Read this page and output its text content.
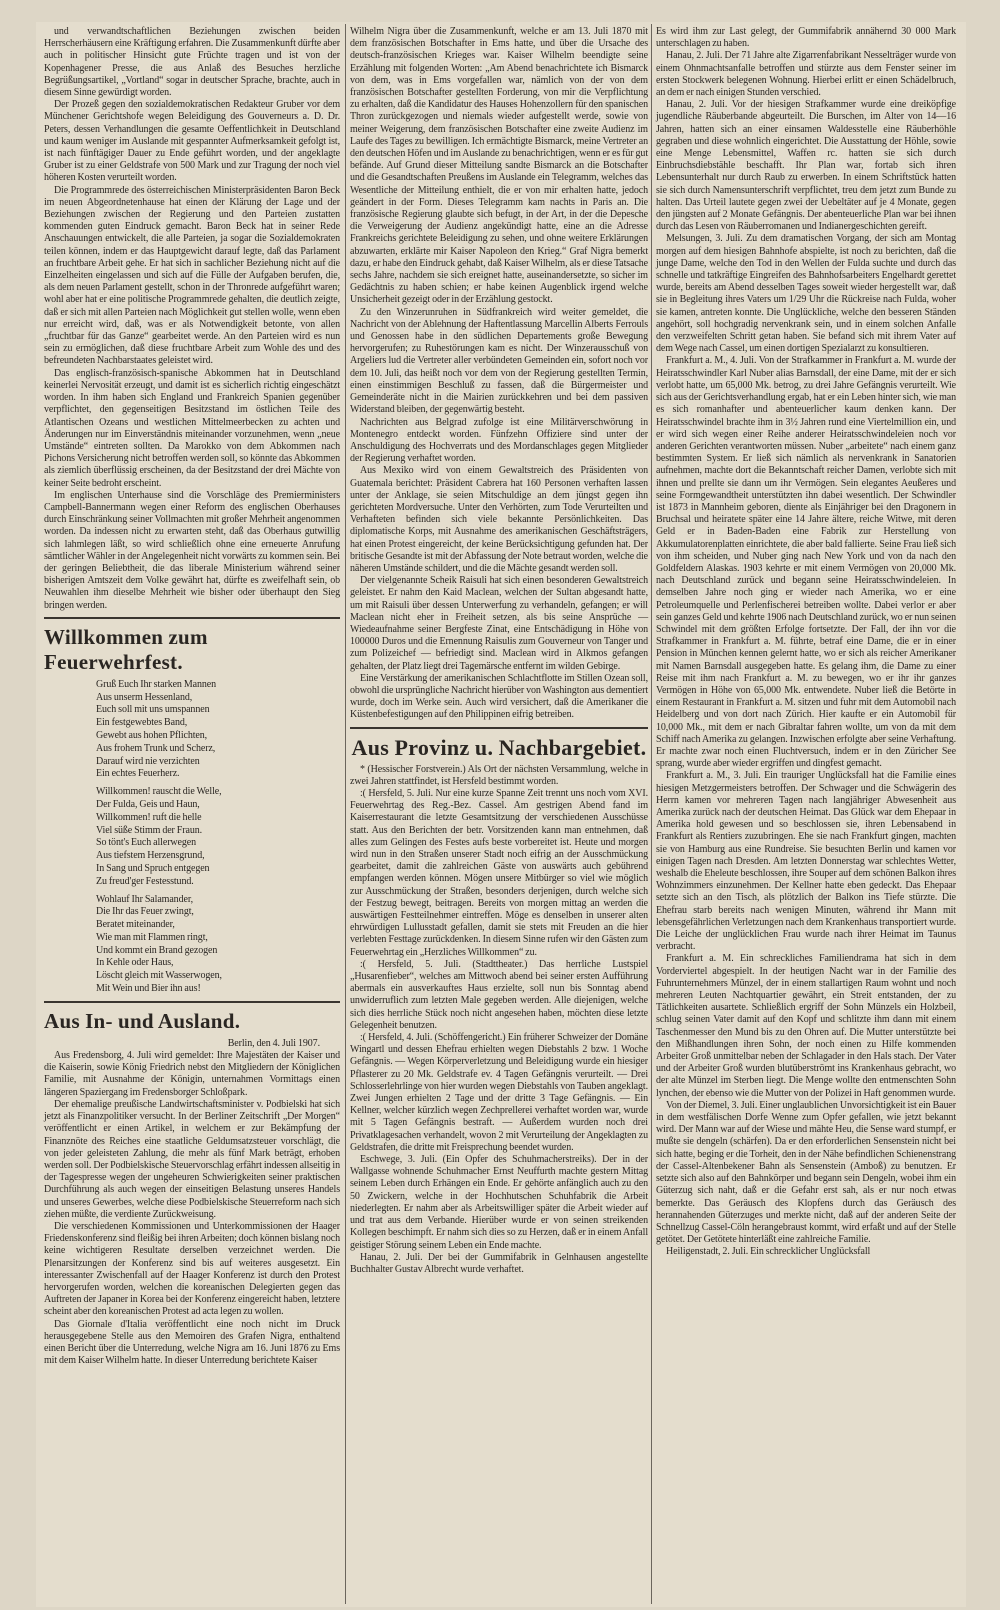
und verwandtschaftlichen Beziehungen zwischen beiden Herrscherhäusern eine Kräftigung erfahren. Die Zusammenkunft dürfte aber auch in politischer Hinsicht gute Früchte tragen und ist von der Kopenhagener Presse, die aus Anlaß des Besuches herzliche Begrüßungsartikel, „Vortland“ sogar in deutscher Sprache, brachte, auch in diesem Sinne gewürdigt worden.

Der Prozeß gegen den sozialdemokratischen Redakteur Gruber vor dem Münchener Gerichtshofe wegen Beleidigung des Gouverneurs a. D. Dr. Peters, dessen Verhandlungen die gesamte Oeffentlichkeit in Deutschland und kaum weniger im Auslande mit gespannter Aufmerksamkeit gefolgt ist, ist nach fünftägiger Dauer zu Ende geführt worden, und der angeklagte Gruber ist zu einer Geldstrafe von 500 Mark und zur Tragung der noch viel höheren Kosten verurteilt worden.

Die Programmrede des österreichischen Ministerpräsidenten Baron Beck im neuen Abgeordnetenhause hat einen der Klärung der Lage und der Beziehungen zwischen der Regierung und den Parteien zustatten kommenden guten Eindruck gemacht. Baron Beck hat in seiner Rede Anschauungen entwickelt, die alle Parteien, ja sogar die Sozialdemokraten teilen können, indem er das Hauptgewicht darauf legte, daß das Parlament an fruchtbare Arbeit gehe. Er hat sich in sachlicher Beziehung nicht auf die Einzelheiten eingelassen und sich auf die Fülle der Aufgaben berufen, die, als dem neuen Parlament gestellt, schon in der Thronrede aufgeführt waren; wohl aber hat er eine politische Programmrede gehalten, die deutlich zeigte, daß er sich mit allen Parteien nach Möglichkeit gut stellen wolle, wenn eben nur erreicht wird, daß, was er als Notwendigkeit betonte, von allen „fruchtbar für das Ganze“ gearbeitet werde. An den Parteien wird es nun sein zu ermöglichen, daß diese fruchtbare Arbeit zum Wohle des und des befreundeten Nachbarstaates geleistet wird.

Das englisch-französisch-spanische Abkommen hat in Deutschland keinerlei Nervosität erzeugt, und damit ist es sicherlich richtig eingeschätzt worden. In ihm haben sich England und Frankreich Spanien gegenüber verpflichtet, den gegenseitigen Besitzstand im östlichen Teile des Atlantischen Ozeans und westlichen Mittelmeerbecken zu achten und Änderungen nur im Einverständnis miteinander vorzunehmen, wenn „neue Umstände“ eintreten sollten. Da Marokko von dem Abkommen nach Pichons Versicherung nicht betroffen werden soll, so könnte das Abkommen als ziemlich überflüssig erscheinen, da der Besitzstand der drei Mächte von keiner Seite bedroht erscheint.

Im englischen Unterhause sind die Vorschläge des Premierministers Campbell-Bannermann wegen einer Reform des englischen Oberhauses durch Einschränkung seiner Vollmachten mit großer Mehrheit angenommen worden. Da indessen nicht zu erwarten steht, daß das Oberhaus gutwillig sich lahmlegen läßt, so wird schließlich ohne eine erneuerte Anrufung sämtlicher Wähler in der Angelegenheit nicht vorwärts zu kommen sein. Bei der geringen Beliebtheit, die das liberale Ministerium während seiner bisherigen Amtszeit dem Volke gewährt hat, dürfte es zweifelhaft sein, ob Neuwahlen ihm dieselbe Mehrheit wie bisher oder überhaupt den Sieg bringen werden.

Willkommen zum Feuerwehrfest.
Gruß Euch Ihr starken Mannen
Aus unserm Hessenland,
Euch soll mit uns umspannen
Ein festgewebtes Band,
Gewebt aus hohen Pflichten,
Aus frohem Trunk und Scherz,
Darauf wird nie verzichten
Ein echtes Feuerherz.
Willkommen! rauscht die Welle,
Der Fulda, Geis und Haun,
Willkommen! ruft die helle
Viel süße Stimm der Fraun.
So tönt's Euch allerwegen
Aus tiefstem Herzensgrund,
In Sang und Spruch entgegen
Zu freud'ger Festesstund.
Wohlauf Ihr Salamander,
Die Ihr das Feuer zwingt,
Beratet miteinander,
Wie man mit Flammen ringt,
Und kommt ein Brand gezogen
In Kehle oder Haus,
Löscht gleich mit Wasserwogen,
Mit Wein und Bier ihn aus!
Aus In- und Ausland.

Berlin, den 4. Juli 1907.

Aus Fredensborg, 4. Juli wird gemeldet: Ihre Majestäten der Kaiser und die Kaiserin, sowie König Friedrich nebst den Mitgliedern der Königlichen Familie, mit Ausnahme der Königin, unternahmen Vormittags einen längeren Spaziergang im Fredensborger Schloßpark.

Der ehemalige preußische Landwirtschaftsminister v. Podbielski hat sich jetzt als Finanzpolitiker versucht. In der Berliner Zeitschrift „Der Morgen“ veröffentlicht er einen Artikel, in welchem er zur Bekämpfung der Finanznöte des Reiches eine staatliche Geldumsatzsteuer vorschlägt, die von jeder geleisteten Zahlung, die mehr als fünf Mark beträgt, erhoben werden soll. Der Podbielskische Steuervorschlag erfährt indessen allseitig in der Tagespresse wegen der ungeheuren Schwierigkeiten seiner praktischen Durchführung als auch wegen der einseitigen Belastung unseres Handels und unseres Gewerbes, welche diese Podbielskische Steuerreform nach sich ziehen müßte, die verdiente Zurückweisung.

Die verschiedenen Kommissionen und Unterkommissionen der Haager Friedenskonferenz sind fleißig bei ihren Arbeiten; doch können bislang noch keine wichtigeren Resultate derselben verzeichnet werden. Die Plenarsitzungen der Konferenz sind bis auf weiteres ausgesetzt. Ein interessanter Zwischenfall auf der Haager Konferenz ist durch den Protest hervorgerufen worden, welchen die koreanischen Delegierten gegen das Auftreten der Japaner in Korea bei der Konferenz eingereicht haben, letztere scheint aber den koreanischen Protest ad acta legen zu wollen.

Das Giornale d'Italia veröffentlicht eine noch nicht im Druck herausgegebene Stelle aus den Memoiren des Grafen Nigra, enthaltend einen Bericht über die Unterredung, welche Nigra am 16. Juni 1876 zu Ems mit dem Kaiser Wilhelm hatte. In dieser Unterredung berichtete Kaiser

Wilhelm Nigra über die Zusammenkunft, welche er am 13. Juli 1870 mit dem französischen Botschafter in Ems hatte, und über die Ursache des deutsch-französischen Krieges war. Kaiser Wilhelm beendigte seine Erzählung mit folgenden Worten: „Am Abend benachrichtete ich Bismarck von dem, was in Ems vorgefallen war, nämlich von der von dem französischen Botschafter gestellten Forderung, von mir die Verpflichtung zu erhalten, daß die Kandidatur des Hauses Hohenzollern für den spanischen Thron zurückgezogen und niemals wieder aufgestellt werde, sowie von meiner Weigerung, dem französischen Botschafter eine zweite Audienz im Laufe des Tages zu bewilligen. Ich ermächtigte Bismarck, meine Vertreter an den deutschen Höfen und im Auslande zu benachrichtigen, wenn er es für gut befände. Auf Grund dieser Mitteilung sandte Bismarck an die Botschafter und die Gesandtschaften Preußens im Auslande ein Telegramm, welches das Wesentliche der Mitteilung enthielt, die er von mir erhalten hatte, jedoch geändert in der Form. Dieses Telegramm kam nachts in Paris an. Die französische Regierung glaubte sich befugt, in der Art, in der die Depesche die Verweigerung der Audienz angekündigt hatte, eine an die Adresse Frankreichs gerichtete Beleidigung zu sehen, und ohne weitere Erklärungen abzuwarten, erklärte mir Kaiser Napoleon den Krieg.“ Graf Nigra bemerkt dazu, er habe den Eindruck gehabt, daß Kaiser Wilhelm, als er diese Tatsache sechs Jahre, nachdem sie sich ereignet hatte, auseinandersetzte, so sicher im Gedächtnis zu haben schien; er habe keinen Augenblick irgend welche Unsicherheit gezeigt oder in der Erzählung gestockt.

Zu den Winzerunruhen in Südfrankreich wird weiter gemeldet, die Nachricht von der Ablehnung der Haftentlassung Marcellin Alberts Ferrouls und Genossen habe in den südlichen Departements große Bewegung hervorgerufen; zu Ruhestörungen kam es nicht. Der Winzerausschuß von Argeliers lud die Vertreter aller verbündeten Gemeinden ein, sofort noch vor dem 10. Juli, das heißt noch vor dem von der Regierung gestellten Termin, einen einstimmigen Beschluß zu fassen, daß die Bürgermeister und Gemeinderäte nicht in die Mairien zurückkehren und bei dem passiven Widerstand bleiben, der gegenwärtig besteht.

Nachrichten aus Belgrad zufolge ist eine Militärverschwörung in Montenegro entdeckt worden. Fünfzehn Offiziere sind unter der Anschuldigung des Hochverrats und des Mordanschlages gegen Mitglieder der Regierung verhaftet worden.

Aus Mexiko wird von einem Gewaltstreich des Präsidenten von Guatemala berichtet: Präsident Cabrera hat 160 Personen verhaften lassen unter der Anklage, sie seien Mitschuldige an dem jüngst gegen ihn gerichteten Mordversuche. Unter den Verhörten, zum Tode Verurteilten und Verhafteten befinden sich viele bekannte Persönlichkeiten. Das diplomatische Korps, mit Ausnahme des amerikanischen Geschäftsträgers, hat einen Protest eingereicht, der keine Berücksichtigung gefunden hat. Der britische Gesandte ist mit der Abfassung der Note betraut worden, welche die näheren Umstände schildert, und die die Mächte gesandt werden soll.

Der vielgenannte Scheik Raisuli hat sich einen besonderen Gewaltstreich geleistet. Er nahm den Kaid Maclean, welchen der Sultan abgesandt hatte, um mit Raisuli über dessen Unterwerfung zu verhandeln, gefangen; er will Maclean nicht eher in Freiheit setzen, als bis seine Ansprüche — Wiedeaufnahme seiner Bergfeste Zinat, eine Entschädigung in Höhe von 100000 Duros und die Ernennung Raisulis zum Gouverneur von Tanger und zum Polizeichef — befriedigt sind. Maclean wird in Alkmos gefangen gehalten, der Platz liegt drei Tagemärsche entfernt im wilden Gebirge.

Eine Verstärkung der amerikanischen Schlachtflotte im Stillen Ozean soll, obwohl die ursprüngliche Nachricht hierüber von Washington aus dementiert wurde, doch im Werke sein. Auch wird versichert, daß die Amerikaner die Küstenbefestigungen auf den Philippinen eifrig betreiben.

Aus Provinz u. Nachbargebiet.

* (Hessischer Forstverein.) Als Ort der nächsten Versammlung, welche in zwei Jahren stattfindet, ist Hersfeld bestimmt worden.

:( Hersfeld, 5. Juli. Nur eine kurze Spanne Zeit trennt uns noch vom XVI. Feuerwehrtag des Reg.-Bez. Cassel. Am gestrigen Abend fand im Kaiserrestaurant die letzte Gesamtsitzung der verschiedenen Ausschüsse statt. Aus den Berichten der betr. Vorsitzenden kann man entnehmen, daß alles zum Gelingen des Festes aufs beste vorbereitet ist. Heute und morgen wird nun in den Straßen unserer Stadt noch eifrig an der Ausschmückung gearbeitet, damit die zahlreichen Gäste von auswärts auch gebührend empfangen werden können. Mögen unsere Mitbürger so viel wie möglich zur Ausschmückung der Straßen, besonders derjenigen, durch welche sich der Festzug bewegt, beitragen. Bereits von morgen mittag an werden die auswärtigen Festteilnehmer eintreffen. Möge es denselben in unserer alten ehrwürdigen Lullusstadt gefallen, damit sie stets mit Freuden an die hier verlebten Festtage zurückdenken. In diesem Sinne rufen wir den Gästen zum Feuerwehrtag ein „Herzliches Willkommen“ zu.

:( Hersfeld, 5. Juli. (Stadttheater.) Das herrliche Lustspiel „Husarenfieber“, welches am Mittwoch abend bei seiner ersten Aufführung abermals ein ausverkauftes Haus erzielte, soll nun bis Sonntag abend unwiderruflich zum letzten Male gegeben werden. Alle diejenigen, welche sich dies herrliche Stück noch nicht angesehen haben, möchten diese letzte Gelegenheit benutzen.

:( Hersfeld, 4. Juli. (Schöffengericht.) Ein früherer Schweizer der Domäne Wingartl und dessen Ehefrau erhielten wegen Diebstahls 2 bzw. 1 Woche Gefängnis. — Wegen Körperverletzung und Beleidigung wurde ein hiesiger Pflasterer zu 20 Mk. Geldstrafe ev. 4 Tagen Gefängnis verurteilt. — Drei Schlosserlehrlinge von hier wurden wegen Diebstahls von Tauben angeklagt. Zwei Jungen erhielten 2 Tage und der dritte 3 Tage Gefängnis. — Ein Kellner, welcher kürzlich wegen Zechprellerei verhaftet worden war, wurde mit 5 Tagen Gefängnis bestraft. — Außerdem wurden noch drei Privatklagesachen verhandelt, wovon 2 mit Verurteilung der Angeklagten zu Geldstrafen, die dritte mit Freisprechung beendet wurden.

Eschwege, 3. Juli. (Ein Opfer des Schuhmacherstreiks). Der in der Wallgasse wohnende Schuhmacher Ernst Neuffurth machte gestern Mittag seinem Leben durch Erhängen ein Ende. Er gehörte anfänglich auch zu den 50 Zwickern, welche in der Hochhutschen Schuhfabrik die Arbeit niederlegten. Er nahm aber als Arbeitswilliger später die Arbeit wieder auf und trat aus dem Verbande. Hierüber wurde er von seinen streikenden Kollegen beschimpft. Er nahm sich dies so zu Herzen, daß er in einem Anfall geistiger Störung seinem Leben ein Ende machte.

Hanau, 2. Juli. Der bei der Gummifabrik in Gelnhausen angestellte Buchhalter Gustav Albrecht wurde verhaftet.

Es wird ihm zur Last gelegt, der Gummifabrik annähernd 30 000 Mark unterschlagen zu haben.

Hanau, 2. Juli. Der 71 Jahre alte Zigarrenfabrikant Nesselträger wurde von einem Ohnmachtsanfalle betroffen und stürzte aus dem Fenster seiner im ersten Stockwerk belegenen Wohnung. Hierbei erlitt er einen Schädelbruch, an dem er nach einigen Stunden verschied.

Hanau, 2. Juli. Vor der hiesigen Strafkammer wurde eine dreiköpfige jugendliche Räuberbande abgeurteilt. Die Burschen, im Alter von 14—16 Jahren, hatten sich an einer einsamen Waldesstelle eine Räuberhöhle gegraben und diese wohnlich eingerichtet. Die Ausstattung der Höhle, sowie eine Menge Lebensmittel, Waffen rc. hatten sie sich durch Einbruchsdiebstähle beschafft. Ihr Plan war, fortab sich ihren Lebensunterhalt nur durch Raub zu erwerben. In einem Schriftstück hatten sie sich durch Namensunterschrift verpflichtet, treu dem jetzt zum Bunde zu halten. Das Urteil lautete gegen zwei der Uebeltäter auf je 4 Monate, gegen den jüngsten auf 2 Monate Gefängnis. Der abenteuerliche Plan war bei ihnen durch das Lesen von Räuberromanen und Indianergeschichten gereift.

Melsungen, 3. Juli. Zu dem dramatischen Vorgang, der sich am Montag morgen auf dem hiesigen Bahnhofe abspielte, ist noch zu berichten, daß die junge Dame, welche den Tod in den Wellen der Fulda suchte und durch das schnelle und tatkräftige Eingreifen des Bahnhofsarbeiters Engelhardt gerettet wurde, bereits am Abend desselben Tages soweit wieder hergestellt war, daß sie in Begleitung ihres Vaters um 1/29 Uhr die Rückreise nach Fulda, woher sie kamen, antreten konnte. Die Unglückliche, welche den besseren Ständen angehört, soll hochgradig nervenkrank sein, und in einem solchen Anfalle den verzweifelten Schritt getan haben. Sie befand sich mit ihrem Vater auf dem Wege nach Cassel, um einen dortigen Spezialarzt zu konsultieren.

Frankfurt a. M., 4. Juli. Von der Strafkammer in Frankfurt a. M. wurde der Heiratsschwindler Karl Nuber alias Barnsdall, der eine Dame, mit der er sich verlobt hatte, um 65,000 Mk. betrog, zu drei Jahre Gefängnis verurteilt. Wie sich aus der Gerichtsverhandlung ergab, hat er ein Leben hinter sich, wie man es sich romanhafter und abenteuerlicher kaum denken kann. Der Heiratsschwindel brachte ihm in 3½ Jahren rund eine Viertelmillion ein, und er wird sich wegen einer Reihe anderer Heiratsschwindeleien noch vor anderen Gerichten verantworten müssen. Nuber „arbeitete“ nach einem ganz bestimmten System. Er ließ sich nämlich als nervenkrank in Sanatorien aufnehmen, machte dort die Bekanntschaft reicher Damen, verlobte sich mit ihnen und prellte sie dann um ihr Vermögen. Sein elegantes Aeußeres und seine Formgewandtheit unterstützten ihn dabei wesentlich. Der Schwindler ist 1873 in Mannheim geboren, diente als Einjähriger bei den Dragonern in Bruchsal und heiratete später eine 14 Jahre ältere, reiche Witwe, mit deren Geld er in Baden-Baden eine Fabrik zur Herstellung von Akkumulatorenplatten einrichtete, die aber bald fallierte. Seine Frau ließ sich von ihm scheiden, und Nuber ging nach New York und von da nach den Goldfeldern Alaskas. 1903 kehrte er mit einem Vermögen von 20,000 Mk. nach Deutschland zurück und begann seine Heiratsschwindeleien. In demselben Jahre noch ging er wieder nach Amerika, wo er eine Petroleumquelle und Perlenfischerei betreiben wollte. Dabei verlor er aber sein ganzes Geld und kehrte 1906 nach Deutschland zurück, wo er nun seinen Schwindel mit dem größten Erfolge fortsetzte. Der Fall, der ihn vor die Strafkammer in Frankfurt a. M. führte, betraf eine Dame, die er in einer Pension in München kennen gelernt hatte, wo er sich als reicher Amerikaner mit Namen Barnsdall ausgegeben hatte. Es gelang ihm, die Dame zu einer Reise mit ihm nach Frankfurt a. M. zu bewegen, wo er ihr ihr ganzes Vermögen in Höhe von 65,000 Mk. entwendete. Nuber ließ die Betörte in einem Restaurant in Frankfurt a. M. sitzen und fuhr mit dem Automobil nach Heidelberg und von dort nach Zürich. Hier kaufte er ein Automobil für 10,000 Mk., mit dem er nach Gibraltar fahren wollte, um von da mit dem Schiff nach Amerika zu gelangen. Inzwischen erfolgte aber seine Verhaftung. Er machte zwar noch einen Fluchtversuch, indem er in den Züricher See sprang, wurde aber wieder ergriffen und dingfest gemacht.

Frankfurt a. M., 3. Juli. Ein trauriger Unglücksfall hat die Familie eines hiesigen Metzgermeisters betroffen. Der Schwager und die Schwägerin des Herrn kamen vor mehreren Tagen nach langjähriger Abwesenheit aus Amerika zurück nach der deutschen Heimat. Das Glück war dem Ehepaar in Amerika hold gewesen und so beschlossen sie, ihren Lebensabend in Frankfurt als Rentiers zuzubringen. Ehe sie nach Frankfurt gingen, machten sie von Hamburg aus eine Rundreise. Sie besuchten Berlin und kamen vor einigen Tagen nach Dresden. Am letzten Donnerstag war schlechtes Wetter, weshalb die Eheleute beschlossen, ihre Souper auf dem schönen Balkon ihres Wohnzimmers einzunehmen. Der Kellner hatte eben gedeckt. Das Ehepaar setzte sich an den Tisch, als plötzlich der Balkon ins Tiefe stürzte. Die Ehefrau starb bereits nach wenigen Minuten, während ihr Mann mit lebensgefährlichen Verletzungen nach dem Krankenhaus transportiert wurde. Die Leiche der unglücklichen Frau wurde nach ihrer Heimat im Taunus verbracht.

Frankfurt a. M. Ein schreckliches Familiendrama hat sich in dem Vorderviertel abgespielt. In der heutigen Nacht war in der Familie des Fuhrunternehmers Münzel, der in einem stallartigen Raum wohnt und noch mehreren Leuten Nachtquartier gewährt, ein Streit entstanden, der zu Tätlichkeiten ausartete. Schließlich ergriff der Sohn Münzels ein Holzbeil, schlug seinen Vater damit auf den Kopf und schlitzte ihm dann mit einem Taschenmesser den Mund bis zu den Ohren auf. Die Mutter unterstützte bei den Mißhandlungen ihren Sohn, der noch einen zu Hilfe kommenden Arbeiter Groß unmittelbar neben der Schlagader in den Hals stach. Der Vater und der Arbeiter Groß wurden blutüberströmt ins Krankenhaus gebracht, wo der alte Münzel im Sterben liegt. Die Menge wollte den entmenschten Sohn lynchen, der ebenso wie die Mutter von der Polizei in Haft genommen wurde.

Von der Diemel, 3. Juli. Einer unglaublichen Unvorsichtigkeit ist ein Bauer in dem westfälischen Dorfe Wenne zum Opfer gefallen, wie jetzt bekannt wird. Der Mann war auf der Wiese und mähte Heu, die Sense ward stumpf, er mußte sie dengeln (schärfen). Da er den erforderlichen Sensenstein nicht bei sich hatte, beging er die Torheit, den in der Nähe befindlichen Schienenstrang der Cassel-Altenbekener Bahn als Sensenstein (Amboß) zu benutzen. Er setzte sich also auf den Bahnkörper und begann sein Dengeln, wobei ihm ein Güterzug sich naht, daß er die Gefahr erst sah, als er nur noch etwas bemerkte. Das Geräusch des Klopfens durch das Geräusch des herannahenden Güterzuges und merkte nicht, daß auf der anderen Seite der Schnellzug Cassel-Cöln herangebraust kommt, wird erfaßt und auf der Stelle getötet. Der Getötete hinterläßt eine zahlreiche Familie.

Heiligenstadt, 2. Juli. Ein schrecklicher Unglücksfall
